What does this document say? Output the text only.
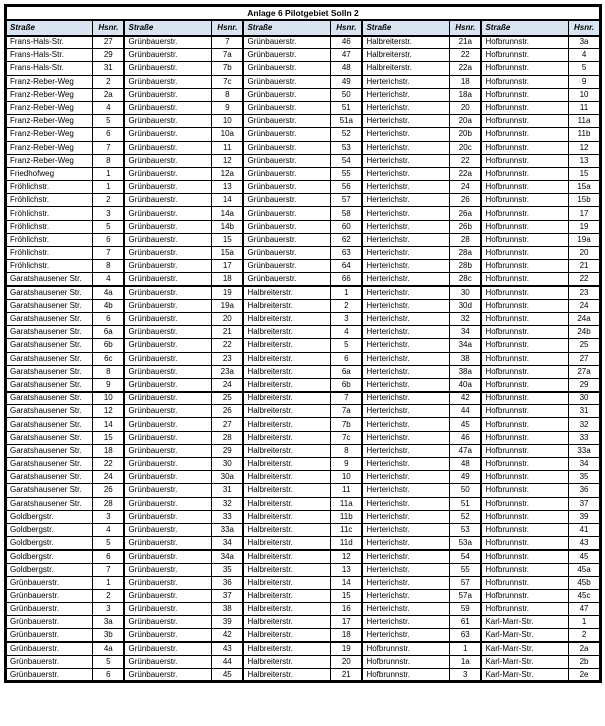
Anlage 6 Pilotgebiet Solln 2									
Straße	Hsnr.	Straße	Hsnr.	Straße	Hsnr.	Straße	Hsnr.	Straße	Hsnr.
Frans-Hals-Str.	27	Grünbauerstr.	7	Grünbauerstr.	46	Halbreiterstr.	21a	Hofbrunnstr.	3a
Frans-Hals-Str.	29	Grünbauerstr.	7a	Grünbauerstr.	47	Halbreiterstr.	22	Hofbrunnstr.	4
Frans-Hals-Str.	31	Grünbauerstr.	7b	Grünbauerstr.	48	Halbreiterstr.	22a	Hofbrunnstr.	5
Franz-Reber-Weg	2	Grünbauerstr.	7c	Grünbauerstr.	49	Herterichstr.	18	Hofbrunnstr.	9
Franz-Reber-Weg	2a	Grünbauerstr.	8	Grünbauerstr.	50	Herterichstr.	18a	Hofbrunnstr.	10
Franz-Reber-Weg	4	Grünbauerstr.	9	Grünbauerstr.	51	Herterichstr.	20	Hofbrunnstr.	11
Franz-Reber-Weg	5	Grünbauerstr.	10	Grünbauerstr.	51a	Herterichstr.	20a	Hofbrunnstr.	11a
Franz-Reber-Weg	6	Grünbauerstr.	10a	Grünbauerstr.	52	Herterichstr.	20b	Hofbrunnstr.	11b
Franz-Reber-Weg	7	Grünbauerstr.	11	Grünbauerstr.	53	Herterichstr.	20c	Hofbrunnstr.	12
Franz-Reber-Weg	8	Grünbauerstr.	12	Grünbauerstr.	54	Herterichstr.	22	Hofbrunnstr.	13
Friedhofweg	1	Grünbauerstr.	12a	Grünbauerstr.	55	Herterichstr.	22a	Hofbrunnstr.	15
Fröhlichstr.	1	Grünbauerstr.	13	Grünbauerstr.	56	Herterichstr.	24	Hofbrunnstr.	15a
Fröhlichstr.	2	Grünbauerstr.	14	Grünbauerstr.	57	Herterichstr.	26	Hofbrunnstr.	15b
Fröhlichstr.	3	Grünbauerstr.	14a	Grünbauerstr.	58	Herterichstr.	26a	Hofbrunnstr.	17
Fröhlichstr.	5	Grünbauerstr.	14b	Grünbauerstr.	60	Herterichstr.	26b	Hofbrunnstr.	19
Fröhlichstr.	6	Grünbauerstr.	15	Grünbauerstr.	62	Herterichstr.	28	Hofbrunnstr.	19a
Fröhlichstr.	7	Grünbauerstr.	15a	Grünbauerstr.	63	Herterichstr.	28a	Hofbrunnstr.	20
Fröhlichstr.	8	Grünbauerstr.	17	Grünbauerstr.	64	Herterichstr.	28b	Hofbrunnstr.	21
Garatshausener Str.	4	Grünbauerstr.	18	Grünbauerstr.	66	Herterichstr.	28c	Hofbrunnstr.	22
Garatshausener Str.	4a	Grünbauerstr.	19	Halbreiterstr.	1	Herterichstr.	30	Hofbrunnstr.	23
Garatshausener Str.	4b	Grünbauerstr.	19a	Halbreiterstr.	2	Herterichstr.	30d	Hofbrunnstr.	24
Garatshausener Str.	6	Grünbauerstr.	20	Halbreiterstr.	3	Herterichstr.	32	Hofbrunnstr.	24a
Garatshausener Str.	6a	Grünbauerstr.	21	Halbreiterstr.	4	Herterichstr.	34	Hofbrunnstr.	24b
Garatshausener Str.	6b	Grünbauerstr.	22	Halbreiterstr.	5	Herterichstr.	34a	Hofbrunnstr.	25
Garatshausener Str.	6c	Grünbauerstr.	23	Halbreiterstr.	6	Herterichstr.	38	Hofbrunnstr.	27
Garatshausener Str.	8	Grünbauerstr.	23a	Halbreiterstr.	6a	Herterichstr.	38a	Hofbrunnstr.	27a
Garatshausener Str.	9	Grünbauerstr.	24	Halbreiterstr.	6b	Herterichstr.	40a	Hofbrunnstr.	29
Garatshausener Str.	10	Grünbauerstr.	25	Halbreiterstr.	7	Herterichstr.	42	Hofbrunnstr.	30
Garatshausener Str.	12	Grünbauerstr.	26	Halbreiterstr.	7a	Herterichstr.	44	Hofbrunnstr.	31
Garatshausener Str.	14	Grünbauerstr.	27	Halbreiterstr.	7b	Herterichstr.	45	Hofbrunnstr.	32
Garatshausener Str.	15	Grünbauerstr.	28	Halbreiterstr.	7c	Herterichstr.	46	Hofbrunnstr.	33
Garatshausener Str.	18	Grünbauerstr.	29	Halbreiterstr.	8	Herterichstr.	47a	Hofbrunnstr.	33a
Garatshausener Str.	22	Grünbauerstr.	30	Halbreiterstr.	9	Herterichstr.	48	Hofbrunnstr.	34
Garatshausener Str.	24	Grünbauerstr.	30a	Halbreiterstr.	10	Herterichstr.	49	Hofbrunnstr.	35
Garatshausener Str.	26	Grünbauerstr.	31	Halbreiterstr.	11	Herterichstr.	50	Hofbrunnstr.	36
Garatshausener Str.	28	Grünbauerstr.	32	Halbreiterstr.	11a	Herterichstr.	51	Hofbrunnstr.	37
Goldbergstr.	3	Grünbauerstr.	33	Halbreiterstr.	11b	Herterichstr.	52	Hofbrunnstr.	39
Goldbergstr.	4	Grünbauerstr.	33a	Halbreiterstr.	11c	Herterichstr.	53	Hofbrunnstr.	41
Goldbergstr.	5	Grünbauerstr.	34	Halbreiterstr.	11d	Herterichstr.	53a	Hofbrunnstr.	43
Goldbergstr.	6	Grünbauerstr.	34a	Halbreiterstr.	12	Herterichstr.	54	Hofbrunnstr.	45
Goldbergstr.	7	Grünbauerstr.	35	Halbreiterstr.	13	Herterichstr.	55	Hofbrunnstr.	45a
Grünbauerstr.	1	Grünbauerstr.	36	Halbreiterstr.	14	Herterichstr.	57	Hofbrunnstr.	45b
Grünbauerstr.	2	Grünbauerstr.	37	Halbreiterstr.	15	Herterichstr.	57a	Hofbrunnstr.	45c
Grünbauerstr.	3	Grünbauerstr.	38	Halbreiterstr.	16	Herterichstr.	59	Hofbrunnstr.	47
Grünbauerstr.	3a	Grünbauerstr.	39	Halbreiterstr.	17	Herterichstr.	61	Karl-Marr-Str.	1
Grünbauerstr.	3b	Grünbauerstr.	42	Halbreiterstr.	18	Herterichstr.	63	Karl-Marr-Str.	2
Grünbauerstr.	4a	Grünbauerstr.	43	Halbreiterstr.	19	Hofbrunnstr.	1	Karl-Marr-Str.	2a
Grünbauerstr.	5	Grünbauerstr.	44	Halbreiterstr.	20	Hofbrunnstr.	1a	Karl-Marr-Str.	2b
Grünbauerstr.	6	Grünbauerstr.	45	Halbreiterstr.	21	Hofbrunnstr.	3	Karl-Marr-Str.	2e
